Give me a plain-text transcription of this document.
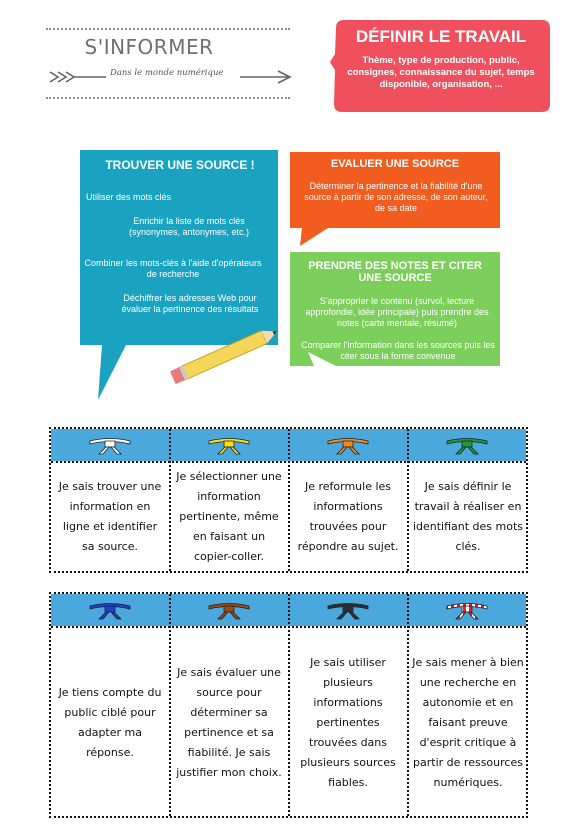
S'INFORMER
Dans le monde numérique
DÉFINIR LE TRAVAIL
Thème, type de production, public, consignes, connaissance du sujet, temps disponible, organisation, ...
TROUVER UNE SOURCE !
Utiliser des mots clés
Enrichir la liste de mots clés (synonymes, antonymes, etc.)
Combiner les mots-clés à l'aide d'opérateurs de recherche
Déchiffrer les adresses Web pour évaluer la pertinence des résultats
EVALUER UNE SOURCE
Déterminer la pertinence et la fiabilité d'une source à partir de son adresse, de son auteur, de sa date
PRENDRE DES NOTES ET CITER UNE SOURCE
S'approprier le contenu (survol, lecture approfondie, idée principale) puis prendre des notes (carte mentale, résumé)
Comparer l'information dans les sources puis les citer sous la forme convenue
Je sais trouver une information en ligne et identifier sa source.
Je sélectionner une information pertinente, même en faisant un copier-coller.
Je reformule les informations trouvées pour répondre au sujet.
Je sais définir le travail à réaliser en identifiant des mots clés.
Je tiens compte du public ciblé pour adapter ma réponse.
Je sais évaluer une source pour déterminer sa pertinence et sa fiabilité. Je sais justifier mon choix.
Je sais utiliser plusieurs informations pertinentes trouvées dans plusieurs sources fiables.
Je sais mener à bien une recherche en autonomie et en faisant preuve d'esprit critique à partir de ressources numériques.
